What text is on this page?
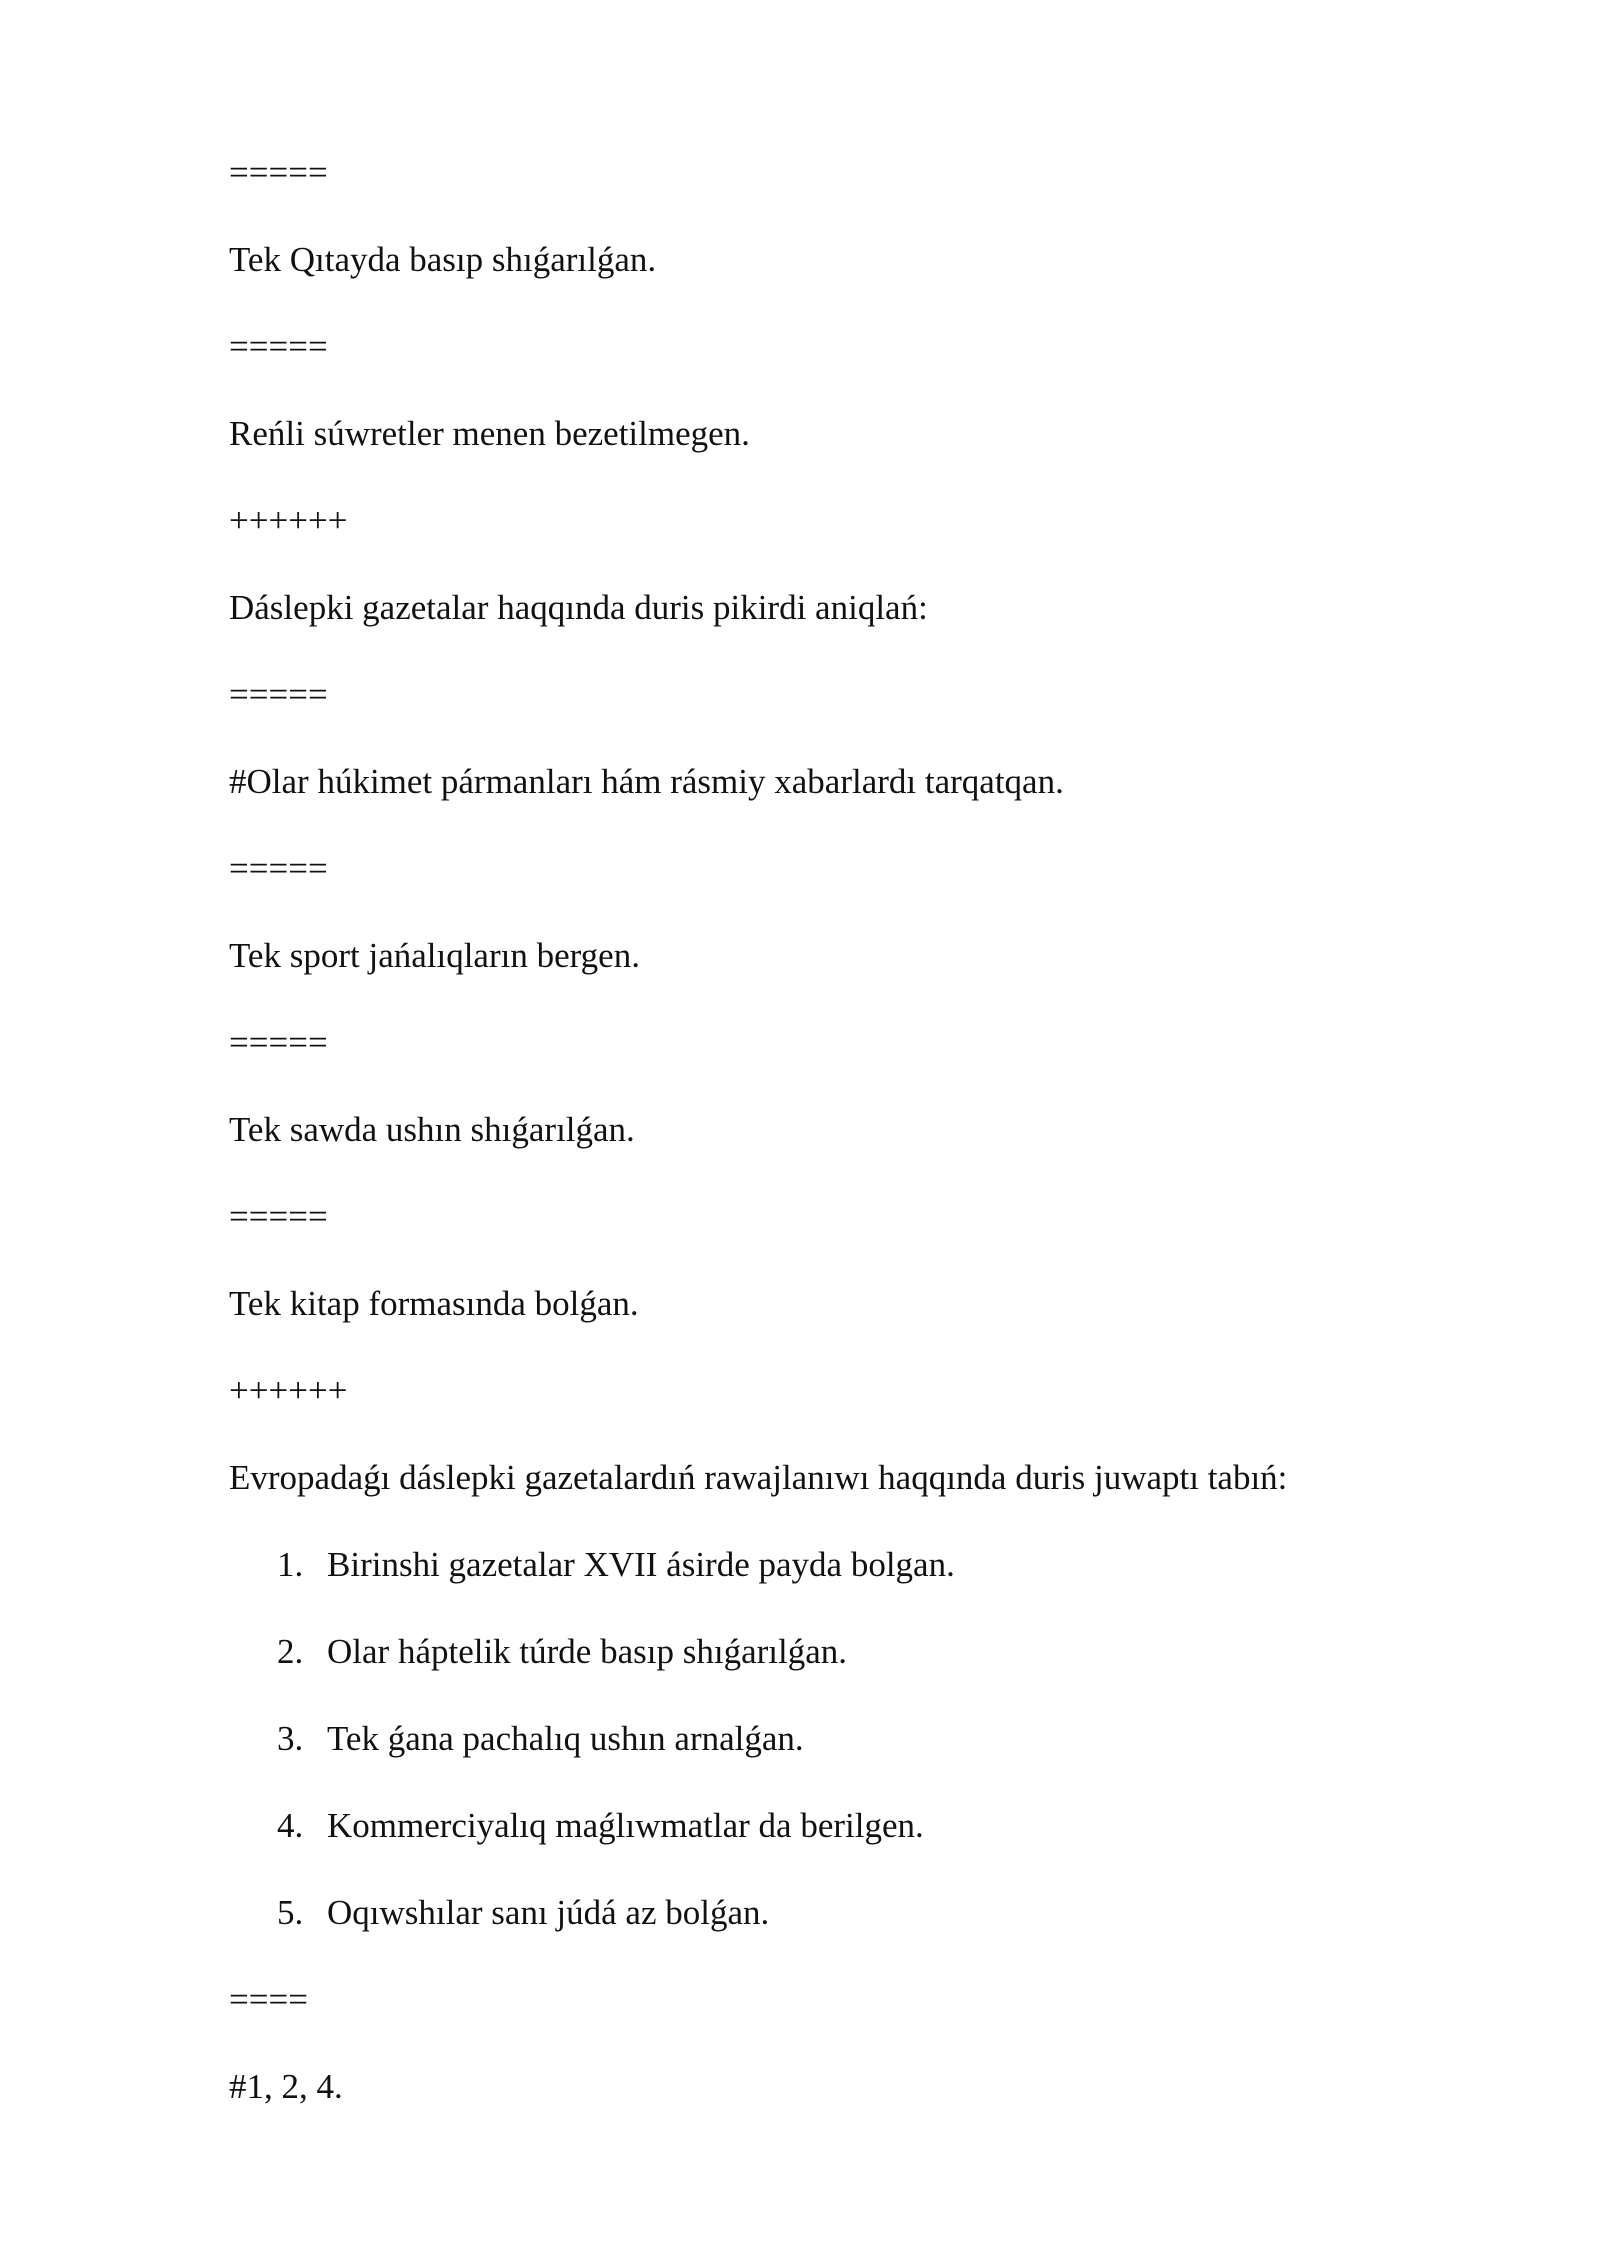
=====
Tek Qıtayda basıp shıǵarılǵan.
=====
Reńli súwretler menen bezetilmegen.
++++++
Dáslepki gazetalar haqqında duris pikirdi aniqlań:
=====
#Olar húkimet pármanları hám rásmiy xabarlardı tarqatqan.
=====
Tek sport jańalıqların bergen.
=====
Tek sawda ushın shıǵarılǵan.
=====
Tek kitap formasında bolǵan.
++++++
Evropadaǵı dáslepki gazetalardıń rawajlanıwı haqqında duris juwaptı tabıń:
1. Birinshi gazetalar XVII ásirde payda bolgan.
2. Olar háptelik túrde basıp shıǵarılǵan.
3. Tek ǵana pachalıq ushın arnalǵan.
4. Kommerciyalıq maǵlıwmatlar da berilgen.
5. Oqıwshılar sanı júdá az bolǵan.
====
#1, 2, 4.
